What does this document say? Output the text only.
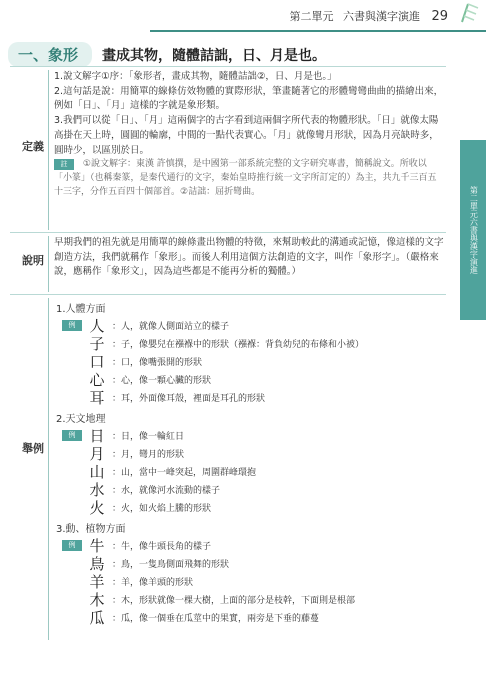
第二單元 六書與漢字演進 29
第二單元
六書與
漢字演進
一、象形	畫成其物，隨體詰詘，日、月是也。
定義

1.說文解字①序：「象形者，畫成其物，隨體詰詘②，日、月是也。」

2.這句話是說：用簡單的線條仿效物體的實際形狀，筆畫隨著它的形體彎彎曲曲的描繪出來，例如「日」、「月」這樣的字就是象形類。

3.我們可以從「日」、「月」這兩個字的古字看到這兩個字所代表的物體形狀。「日」就像太陽高掛在天上時，圓圓的輪廓，中間的一點代表實心。「月」就像彎月形狀，因為月亮缺時多，圓時少，以區別於日。

註 ①說文解字：東漢 許慎撰，是中國第一部系統完整的文字研究專書，簡稱說文。所收以「小篆」（也稱秦篆，是秦代通行的文字，秦始皇時推行統一文字所訂定的）為主，共九千三百五十三字，分作五百四十個部首。②詰詘：屈折彎曲。

說明

早期我們的祖先就是用簡單的線條畫出物體的特徵，來幫助較此的溝通或記憶，像這樣的文字創造方法，我們就稱作「象形」。而後人利用這個方法創造的文字，叫作「象形字」。（嚴格來說，應稱作「象形文」，因為這些都是不能再分析的獨體。）

舉例
1.人體方面
例 人 ：人，就像人側面站立的樣子
子 ：子，像嬰兒在襁褓中的形狀（襁褓：背負幼兒的布條和小被）
口 ：口，像嘴張開的形狀
心 ：心，像一顆心臟的形狀
耳 ：耳，外面像耳殼，裡面是耳孔的形狀
2.天文地理
例 日 ：日，像一輪紅日
月 ：月，彎月的形狀
山 ：山，當中一峰突起，周圍群峰環抱
水 ：水，就像河水流動的樣子
火 ：火，如火焰上騰的形狀
3.動、植物方面
例 牛 ：牛，像牛頭長角的樣子
鳥 ：鳥，一隻鳥側面飛舞的形狀
羊 ：羊，像羊頭的形狀
木 ：木，形狀就像一棵大樹，上面的部分是枝幹，下面則是根部
瓜 ：瓜，像一個垂在瓜莖中的果實，兩旁是下垂的藤蔓
